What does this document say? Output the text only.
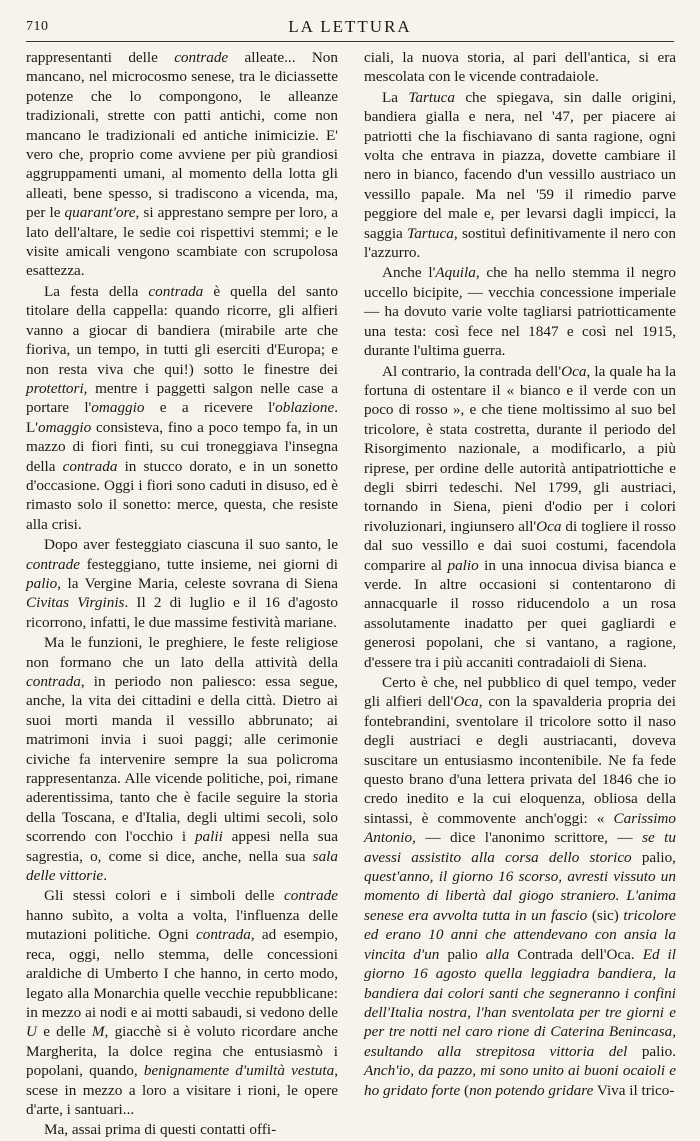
710	LA LETTURA

rappresentanti delle contrade alleate... Non mancano, nel microcosmo senese, tra le diciassette potenze che lo compongono, le alleanze tradizionali, strette con patti antichi, come non mancano le tradizionali ed antiche inimicizie. E' vero che, proprio come avviene per più grandiosi aggruppamenti umani, al momento della lotta gli alleati, bene spesso, si tradiscono a vicenda, ma, per le quarant'ore, si apprestano sempre per loro, a lato dell'altare, le sedie coi rispettivi stemmi; e le visite amicali vengono scambiate con scrupolosa esattezza.

La festa della contrada è quella del santo titolare della cappella: quando ricorre, gli alfieri vanno a giocar di bandiera (mirabile arte che fioriva, un tempo, in tutti gli eserciti d'Europa; e non resta viva che qui!) sotto le finestre dei protettori, mentre i paggetti salgon nelle case a portare l'omaggio e a ricevere l'oblazione. L'omaggio consisteva, fino a poco tempo fa, in un mazzo di fiori finti, su cui troneggiava l'insegna della contrada in stucco dorato, e in un sonetto d'occasione. Oggi i fiori sono caduti in disuso, ed è rimasto solo il sonetto: merce, questa, che resiste alla crisi.

Dopo aver festeggiato ciascuna il suo santo, le contrade festeggiano, tutte insieme, nei giorni di palio, la Vergine Maria, celeste sovrana di Siena Civitas Virginis. Il 2 di luglio e il 16 d'agosto ricorrono, infatti, le due massime festività mariane.

Ma le funzioni, le preghiere, le feste religiose non formano che un lato della attività della contrada, in periodo non paliesco: essa segue, anche, la vita dei cittadini e della città. Dietro ai suoi morti manda il vessillo abbrunato; ai matrimoni invia i suoi paggi; alle cerimonie civiche fa intervenire sempre la sua policroma rappresentanza. Alle vicende politiche, poi, rimane aderentissima, tanto che è facile seguire la storia della Toscana, e d'Italia, degli ultimi secoli, solo scorrendo con l'occhio i palii appesi nella sua sagrestia, o, come si dice, anche, nella sua sala delle vittorie.

Gli stessi colori e i simboli delle contrade hanno subìto, a volta a volta, l'influenza delle mutazioni politiche. Ogni contrada, ad esempio, reca, oggi, nello stemma, delle concessioni araldiche di Umberto I che hanno, in certo modo, legato alla Monarchia quelle vecchie repubblicane: in mezzo ai nodi e ai motti sabaudi, si vedono delle U e delle M, giacchè si è voluto ricordare anche Margherita, la dolce regina che entusiasmò i popolani, quando, benignamente d'umiltà vestuta, scese in mezzo a loro a visitare i rioni, le opere d'arte, i santuari...

Ma, assai prima di questi contatti offi-

ciali, la nuova storia, al pari dell'antica, si era mescolata con le vicende contradaiole.

La Tartuca che spiegava, sin dalle origini, bandiera gialla e nera, nel '47, per piacere ai patriotti che la fischiavano di santa ragione, ogni volta che entrava in piazza, dovette cambiare il nero in bianco, facendo d'un vessillo austriaco un vessillo papale. Ma nel '59 il rimedio parve peggiore del male e, per levarsi dagli impicci, la saggia Tartuca, sostituì definitivamente il nero con l'azzurro.

Anche l'Aquila, che ha nello stemma il negro uccello bicipite, — vecchia concessione imperiale — ha dovuto varie volte tagliarsi patriotticamente una testa: così fece nel 1847 e così nel 1915, durante l'ultima guerra.

Al contrario, la contrada dell'Oca, la quale ha la fortuna di ostentare il « bianco e il verde con un poco di rosso », e che tiene moltissimo al suo bel tricolore, è stata costretta, durante il periodo del Risorgimento nazionale, a modificarlo, a più riprese, per ordine delle autorità antipatriottiche e degli sbirri tedeschi. Nel 1799, gli austriaci, tornando in Siena, pieni d'odio per i colori rivoluzionari, ingiunsero all'Oca di togliere il rosso dal suo vessillo e dai suoi costumi, facendola comparire al palio in una innocua divisa bianca e verde. In altre occasioni si contentarono di annacquarle il rosso riducendolo a un rosa assolutamente inadatto per quei gagliardi e generosi popolani, che si vantano, a ragione, d'essere tra i più accaniti contradaioli di Siena.

Certo è che, nel pubblico di quel tempo, veder gli alfieri dell'Oca, con la spavalderia propria dei fontebrandini, sventolare il tricolore sotto il naso degli austriaci e degli austriacanti, doveva suscitare un entusiasmo incontenibile. Ne fa fede questo brano d'una lettera privata del 1846 che io credo inedito e la cui eloquenza, obliosa della sintassi, è commovente anch'oggi: « Carissimo Antonio, — dice l'anonimo scrittore, — se tu avessi assistito alla corsa dello storico palio, quest'anno, il giorno 16 scorso, avresti vissuto un momento di libertà dal giogo straniero. L'anima senese era avvolta tutta in un fascio (sic) tricolore ed erano 10 anni che attendevano con ansia la vincita d'un palio alla Contrada dell'Oca. Ed il giorno 16 agosto quella leggiadra bandiera, la bandiera dai colori santi che segneranno i confini dell'Italia nostra, l'han sventolata per tre giorni e per tre notti nel caro rione di Caterina Benincasa, esultando alla strepitosa vittoria del palio. Anch'io, da pazzo, mi sono unito ai buoni ocaioli e ho gridato forte (non potendo gridare Viva il trico-
